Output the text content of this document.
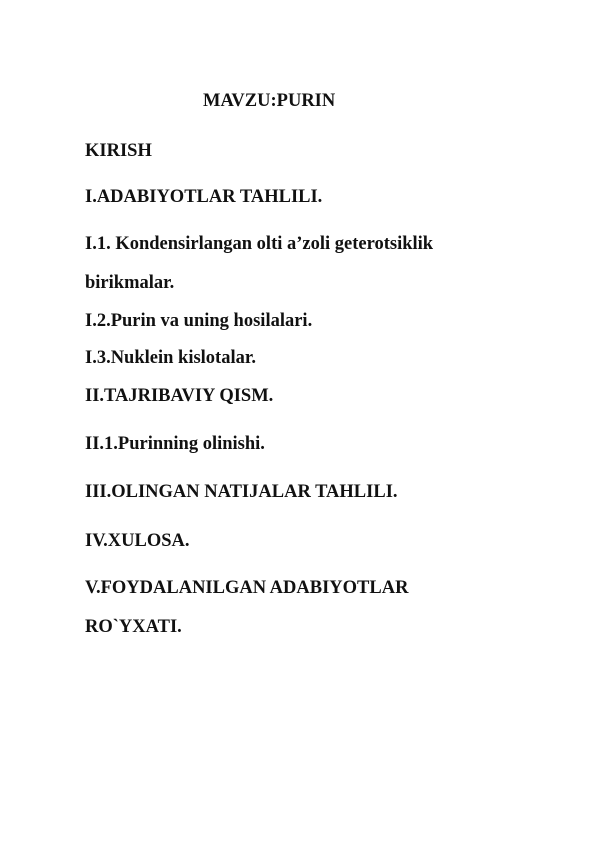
MAVZU:PURIN
KIRISH
I.ADABIYOTLAR TAHLILI.
I.1. Kondensirlangan olti a’zoli geterotsiklik
birikmalar.
I.2.Purin va uning hosilalari.
I.3.Nuklein kislotalar.
II.TAJRIBAVIY QISM.
II.1.Purinning olinishi.
III.OLINGAN NATIJALAR TAHLILI.
IV.XULOSA.
V.FOYDALANILGAN ADABIYOTLAR
RO`YXATI.
